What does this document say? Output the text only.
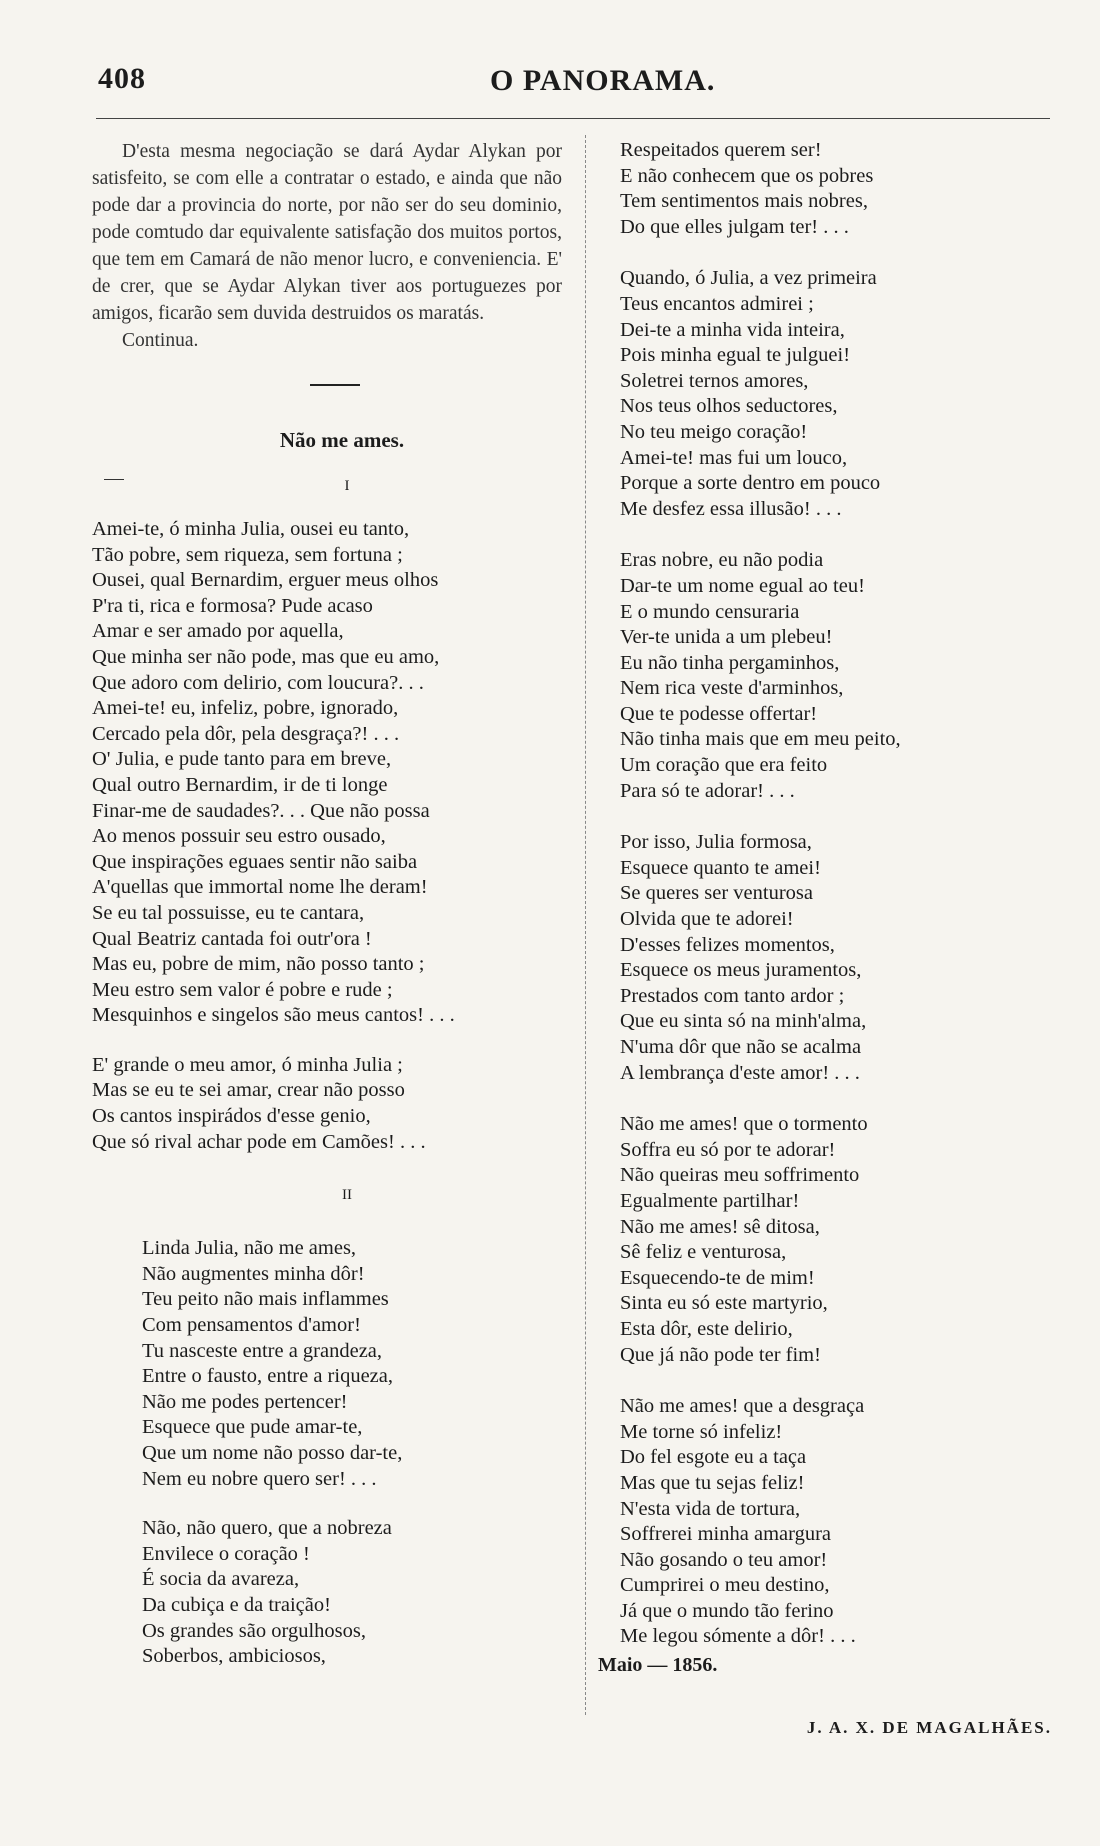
408	O PANORAMA.

D'esta mesma negociação se dará Aydar Alykan por satisfeito, se com elle a contratar o estado, e ainda que não pode dar a provincia do norte, por não ser do seu dominio, pode comtudo dar equivalente satisfação dos muitos portos, que tem em Camará de não menor lucro, e conveniencia. E' de crer, que se Aydar Alykan tiver aos portuguezes por amigos, ficarão sem duvida destruidos os maratás.

Continua.
Não me ames.
I
Amei-te, ó minha Julia, ousei eu tanto,
Tão pobre, sem riqueza, sem fortuna ;
Ousei, qual Bernardim, erguer meus olhos
P'ra ti, rica e formosa? Pude acaso
Amar e ser amado por aquella,
Que minha ser não pode, mas que eu amo,
Que adoro com delirio, com loucura?. . .
Amei-te! eu, infeliz, pobre, ignorado,
Cercado pela dôr, pela desgraça?! . . .
O' Julia, e pude tanto para em breve,
Qual outro Bernardim, ir de ti longe
Finar-me de saudades?. . . Que não possa
Ao menos possuir seu estro ousado,
Que inspirações eguaes sentir não saiba
A'quellas que immortal nome lhe deram!
Se eu tal possuisse, eu te cantara,
Qual Beatriz cantada foi outr'ora !
Mas eu, pobre de mim, não posso tanto ;
Meu estro sem valor é pobre e rude ;
Mesquinhos e singelos são meus cantos! . . .
E' grande o meu amor, ó minha Julia ;
Mas se eu te sei amar, crear não posso
Os cantos inspirádos d'esse genio,
Que só rival achar pode em Camões! . . .
II
Linda Julia, não me ames,
Não augmentes minha dôr!
Teu peito não mais inflammes
Com pensamentos d'amor!
Tu nasceste entre a grandeza,
Entre o fausto, entre a riqueza,
Não me podes pertencer!
Esquece que pude amar-te,
Que um nome não posso dar-te,
Nem eu nobre quero ser! . . .
Não, não quero, que a nobreza
Envilece o coração !
É socia da avareza,
Da cubiça e da traição!
Os grandes são orgulhosos,
Soberbos, ambiciosos,
Respeitados querem ser!
E não conhecem que os pobres
Tem sentimentos mais nobres,
Do que elles julgam ter! . . .
Quando, ó Julia, a vez primeira
Teus encantos admirei ;
Dei-te a minha vida inteira,
Pois minha egual te julguei!
Soletrei ternos amores,
Nos teus olhos seductores,
No teu meigo coração!
Amei-te! mas fui um louco,
Porque a sorte dentro em pouco
Me desfez essa illusão! . . .
Eras nobre, eu não podia
Dar-te um nome egual ao teu!
E o mundo censuraria
Ver-te unida a um plebeu!
Eu não tinha pergaminhos,
Nem rica veste d'arminhos,
Que te podesse offertar!
Não tinha mais que em meu peito,
Um coração que era feito
Para só te adorar! . . .
Por isso, Julia formosa,
Esquece quanto te amei!
Se queres ser venturosa
Olvida que te adorei!
D'esses felizes momentos,
Esquece os meus juramentos,
Prestados com tanto ardor ;
Que eu sinta só na minh'alma,
N'uma dôr que não se acalma
A lembrança d'este amor! . . .
Não me ames! que o tormento
Soffra eu só por te adorar!
Não queiras meu soffrimento
Egualmente partilhar!
Não me ames! sê ditosa,
Sê feliz e venturosa,
Esquecendo-te de mim!
Sinta eu só este martyrio,
Esta dôr, este delirio,
Que já não pode ter fim!
Não me ames! que a desgraça
Me torne só infeliz!
Do fel esgote eu a taça
Mas que tu sejas feliz!
N'esta vida de tortura,
Soffrerei minha amargura
Não gosando o teu amor!
Cumprirei o meu destino,
Já que o mundo tão ferino
Me legou sómente a dôr! . . .
Maio — 1856.
J. A. X. DE MAGALHÃES.
